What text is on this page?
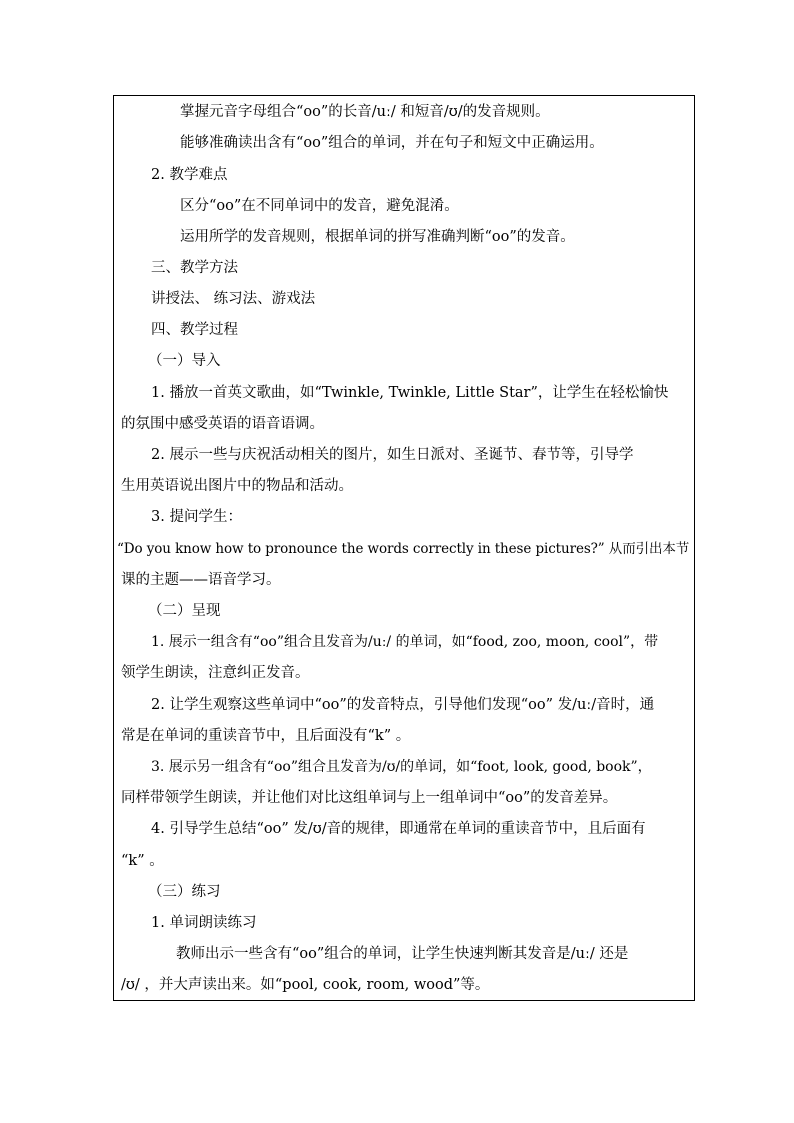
掌握元音字母组合“oo”的长音/uː/ 和短音/ʊ/的发音规则。
能够准确读出含有“oo”组合的单词，并在句子和短文中正确运用。
2. 教学难点
区分“oo”在不同单词中的发音，避免混淆。
运用所学的发音规则，根据单词的拼写准确判断“oo”的发音。
三、教学方法
讲授法、 练习法、游戏法
四、教学过程
（一）导入
1. 播放一首英文歌曲，如“Twinkle, Twinkle, Little Star”，让学生在轻松愉快
的氛围中感受英语的语音语调。
2. 展示一些与庆祝活动相关的图片，如生日派对、圣诞节、春节等，引导学
生用英语说出图片中的物品和活动。
3. 提问学生：
“Do you know how to pronounce the words correctly in these pictures?” 从而引出本节
课的主题——语音学习。
（二）呈现
1. 展示一组含有“oo”组合且发音为/uː/ 的单词，如“food, zoo, moon, cool”，带
领学生朗读，注意纠正发音。
2. 让学生观察这些单词中“oo”的发音特点，引导他们发现“oo” 发/uː/音时，通
常是在单词的重读音节中，且后面没有“k” 。
3. 展示另一组含有“oo”组合且发音为/ʊ/的单词，如“foot, look, good, book”，
同样带领学生朗读，并让他们对比这组单词与上一组单词中“oo”的发音差异。
4. 引导学生总结“oo” 发/ʊ/音的规律，即通常在单词的重读音节中，且后面有
“k” 。
（三）练习
1. 单词朗读练习
教师出示一些含有“oo”组合的单词，让学生快速判断其发音是/uː/ 还是
/ʊ/ ，并大声读出来。如“pool, cook, room, wood”等。
